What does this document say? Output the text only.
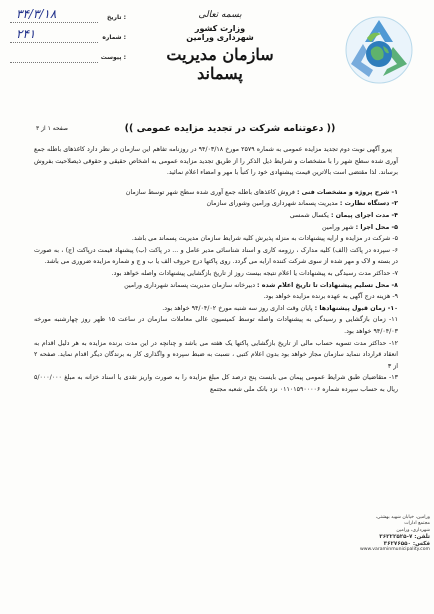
تاریخ :
۳۴/۳/۱۸
شماره :
۲۴۱
پیوست :
بسمه تعالی
وزارت کشور
شهرداری ورامین
سازمان مدیریت پسماند
(( دعوتنامه شرکت در تجدید مزایده عمومی ))
صفحه ۱ از ۳

پیرو آگهی نوبت دوم تجدید مزایده عمومی به شماره ۲۵۷۹ مورخ ۹۴/۰۳/۱۸ در روزنامه تفاهم این سازمان در نظر دارد کاغذهای باطله جمع آوری شده سطح شهر را با مشخصات و شرایط ذیل الذکر را از طریق تجدید مزایده عمومی به اشخاص حقیقی و حقوقی ذیصلاحیت بفروش برساند. لذا مقتضی است بالاترین قیمت پیشنهادی خود را کتباً با مهر و امضاء اعلام نمائید.

۱- شرح پروژه و مشخصات فنی : فروش کاغذهای باطله جمع آوری شده سطح شهر توسط سازمان

۲- دستگاه نظارت : مدیریت پسماند شهرداری ورامین وشورای سازمان

۴- مدت اجرای پیمان : یکسال شمسی

۵- محل اجرا : شهر ورامین

۵- شرکت در مزایده و ارایه پیشنهادات به منزله پذیرش کلیه شرایط سازمان مدیریت پسماند می باشد.

۶- سپرده در پاکت (الف) کلیه مدارک ، رزومه کاری و اسناد شناسائی مدیر عامل و ... در پاکت (ب) پیشنهاد قیمت درپاکت (ج) ، به صورت در بسته و لاک و مهر شده از سوی شرکت کننده ارایه می گردد. روی پاکتها درج حروف الف یا ب و ج و شماره مزایده ضروری می باشد.

۷- حداکثر مدت رسیدگی به پیشنهادات یا اعلام نتیجه بیست روز از تاریخ بازگشایی پیشنهادات واصله خواهد بود.

۸- محل تسلیم پیشنهادات تا تاریخ اعلام شده : دبیرخانه سازمان مدیریت پسماند شهرداری ورامین

۹- هزینه درج آگهی به عهده برنده مزایده خواهد بود.

۱۰- زمان قبول پیشنهادها : پایان وقت اداری روز سه شنبه مورخ ۹۴/۰۴/۰۲ خواهد بود.

۱۱- زمان بازگشایی و رسیدگی به پیشنهادات واصله توسط کمیسیون عالی معاملات سازمان در ساعت ۱۵ ظهر روز چهارشنبه مورخه ۹۴/۰۴/۰۳ خواهد بود.

۱۲- حداکثر مدت تسویه حساب مالی از تاریخ بازگشایی پاکتها یک هفته می باشد و چنانچه در این مدت برنده مزایده به هر دلیل اقدام به انعقاد قرارداد ننماید سازمان مجاز خواهد بود بدون اعلام کتبی ، نسبت به ضبط سپرده و واگذاری کار به برندگان دیگر اقدام نماید. صفحه ۲ از ۳

۱۳- متقاضیان طبق شرایط عمومی پیمان می بایست پنج درصد کل مبلغ مزایده را به صورت واریز نقدی یا اسناد خزانه به مبلغ ۵/۰۰۰/۰۰۰ ریال به حساب سپرده شماره ۰۱۱۰۱۵۹۰۰۰۰۶ نزد بانک ملی شعبه مجتمع

ورامین، خیابان شهید بهشتی،
مجتمع ادارات
شهرداری، ورامین
تلفن: ۷-۳۶۲۲۲۵۲۵
فکس: ۳۶۲۷۶۵۵۰
www.varaminmunicipality.com
